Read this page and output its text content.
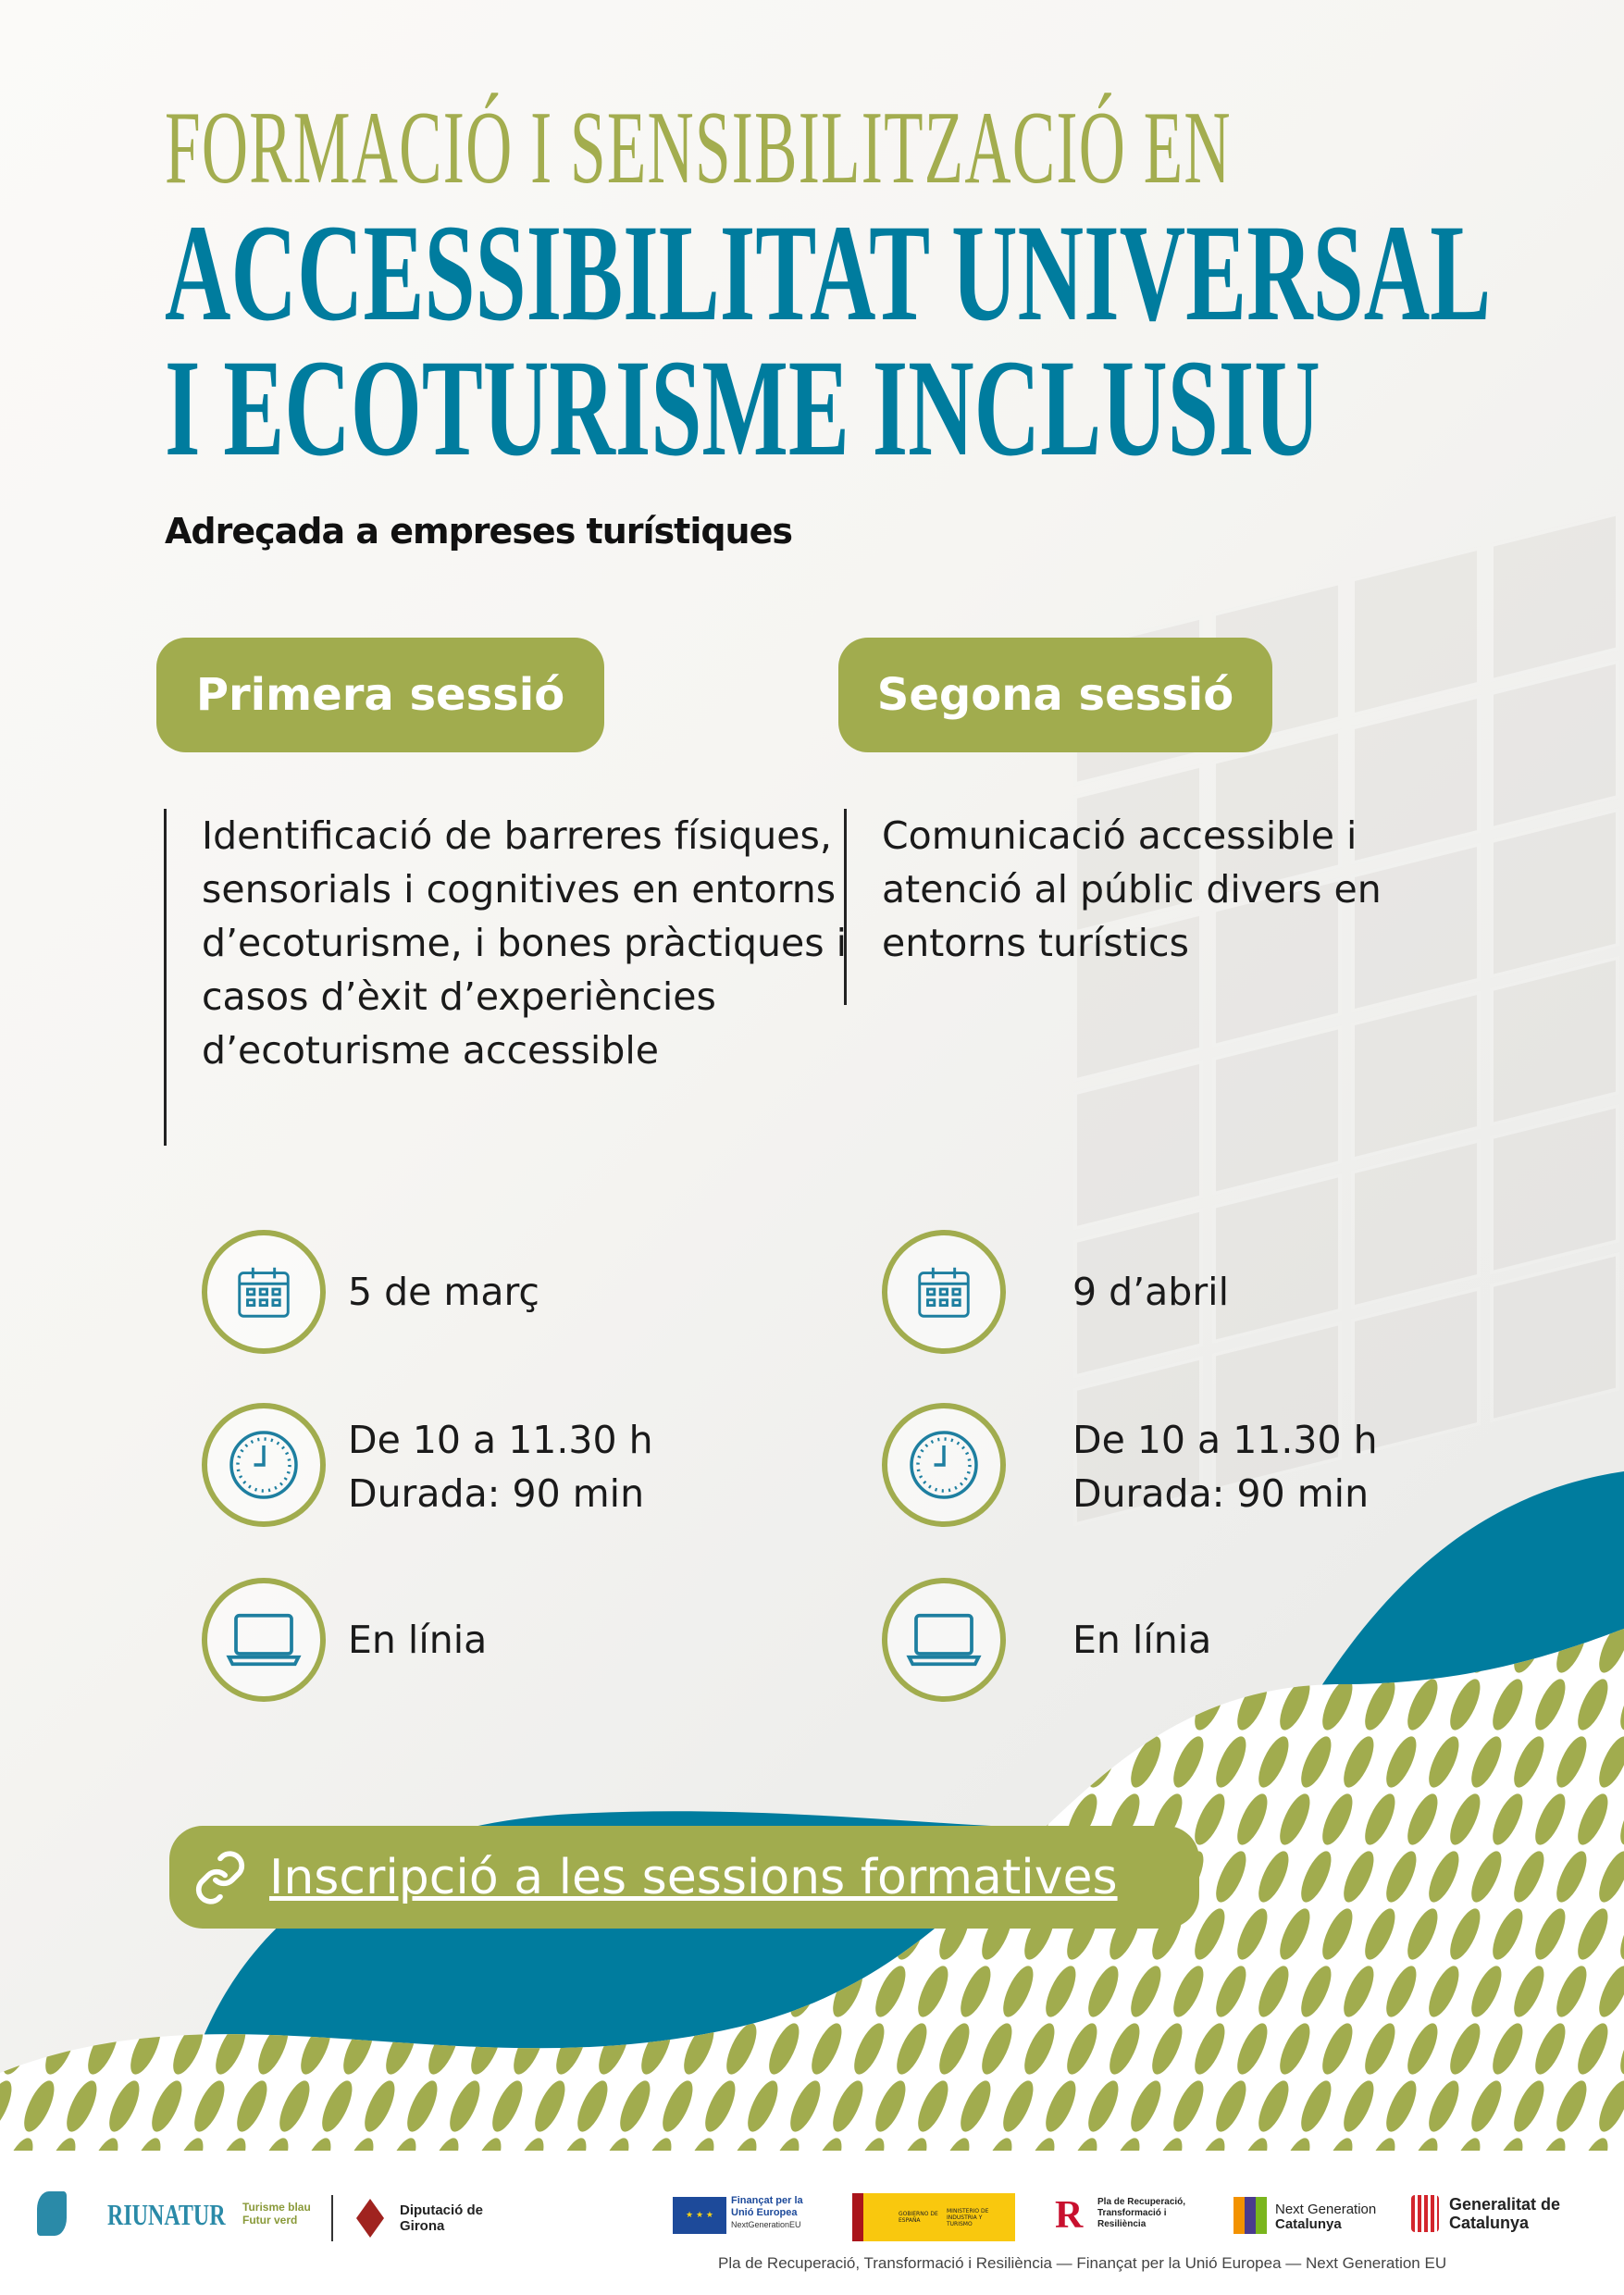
FORMACIÓ I SENSIBILITZACIÓ EN
ACCESSIBILITAT UNIVERSAL
I ECOTURISME INCLUSIU
Adreçada a empreses turístiques
Primera sessió	Segona sessió
Identificació de barreres físiques, sensorials i cognitives en entorns d’ecoturisme, i bones pràctiques i casos d’èxit d’experiències d’ecoturisme accessible
Comunicació accessible i atenció al públic divers en entorns turístics
5 de març
De 10 a 11.30 h
Durada: 90 min
En línia
9 d’abril
De 10 a 11.30 h
Durada: 90 min
En línia
Inscripció a les sessions formatives
RIUNATUR Turisme blau
Futur verd
Diputació de Girona
★ ★ ★
Finançat per la Unió Europea
NextGenerationEU
GOBIERNO DE ESPAÑA
MINISTERIO DE INDUSTRIA Y TURISMO	R Pla de Recuperació, Transformació i Resiliència
Next Generation
Catalunya
Generalitat de Catalunya
Pla de Recuperació, Transformació i Resiliència — Finançat per la Unió Europea — Next Generation EU
